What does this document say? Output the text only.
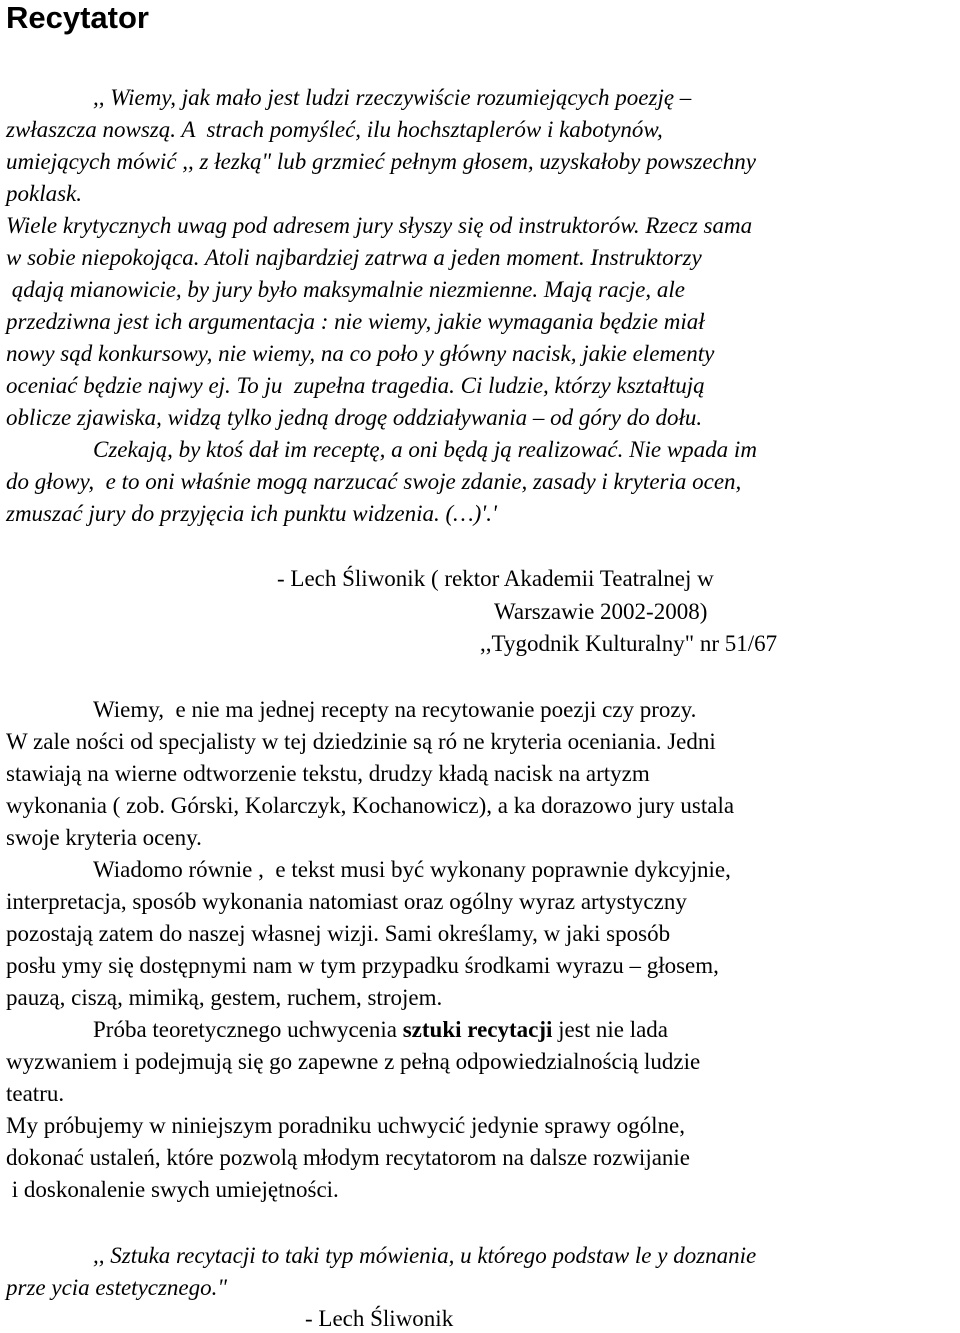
Recytator
,, Wiemy, jak mało jest ludzi rzeczywiście rozumiejących poezję –
zwłaszcza nowszą. A  strach pomyśleć, ilu hochsztaplerów i kabotynów,
umiejących mówić ,, z łezką" lub grzmieć pełnym głosem, uzyskałoby powszechny
poklask.
Wiele krytycznych uwag pod adresem jury słyszy się od instruktorów. Rzecz sama
w sobie niepokojąca. Atoli najbardziej zatrwa a jeden moment. Instruktorzy
ądają mianowicie, by jury było maksymalnie niezmienne. Mają racje, ale
przedziwna jest ich argumentacja : nie wiemy, jakie wymagania będzie miał
nowy sąd konkursowy, nie wiemy, na co poło y główny nacisk, jakie elementy
oceniać będzie najwy ej. To ju  zupełna tragedia. Ci ludzie, którzy kształtują
oblicze zjawiska, widzą tylko jedną drogę oddziaływania – od góry do dołu.
Czekają, by ktoś dał im receptę, a oni będą ją realizować. Nie wpada im
do głowy,  e to oni właśnie mogą narzucać swoje zdanie, zasady i kryteria ocen,
zmuszać jury do przyjęcia ich punktu widzenia. (…)'.'
- Lech Śliwonik ( rektor Akademii Teatralnej w
Warszawie 2002-2008)
,,Tygodnik Kulturalny" nr 51/67
Wiemy,  e nie ma jednej recepty na recytowanie poezji czy prozy.
W zale ności od specjalisty w tej dziedzinie są ró ne kryteria oceniania. Jedni
stawiają na wierne odtworzenie tekstu, drudzy kładą nacisk na artyzm
wykonania ( zob. Górski, Kolarczyk, Kochanowicz), a ka dorazowo jury ustala
swoje kryteria oceny.
Wiadomo równie ,  e tekst musi być wykonany poprawnie dykcyjnie,
interpretacja, sposób wykonania natomiast oraz ogólny wyraz artystyczny
pozostają zatem do naszej własnej wizji. Sami określamy, w jaki sposób
posłu ymy się dostępnymi nam w tym przypadku środkami wyrazu – głosem,
pauzą, ciszą, mimiką, gestem, ruchem, strojem.
Próba teoretycznego uchwycenia sztuki recytacji jest nie lada
wyzwaniem i podejmują się go zapewne z pełną odpowiedzialnością ludzie
teatru.
My próbujemy w niniejszym poradniku uchwycić jedynie sprawy ogólne,
dokonać ustaleń, które pozwolą młodym recytatorom na dalsze rozwijanie
i doskonalenie swych umiejętności.
,, Sztuka recytacji to taki typ mówienia, u którego podstaw le y doznanie
prze ycia estetycznego."
- Lech Śliwonik
